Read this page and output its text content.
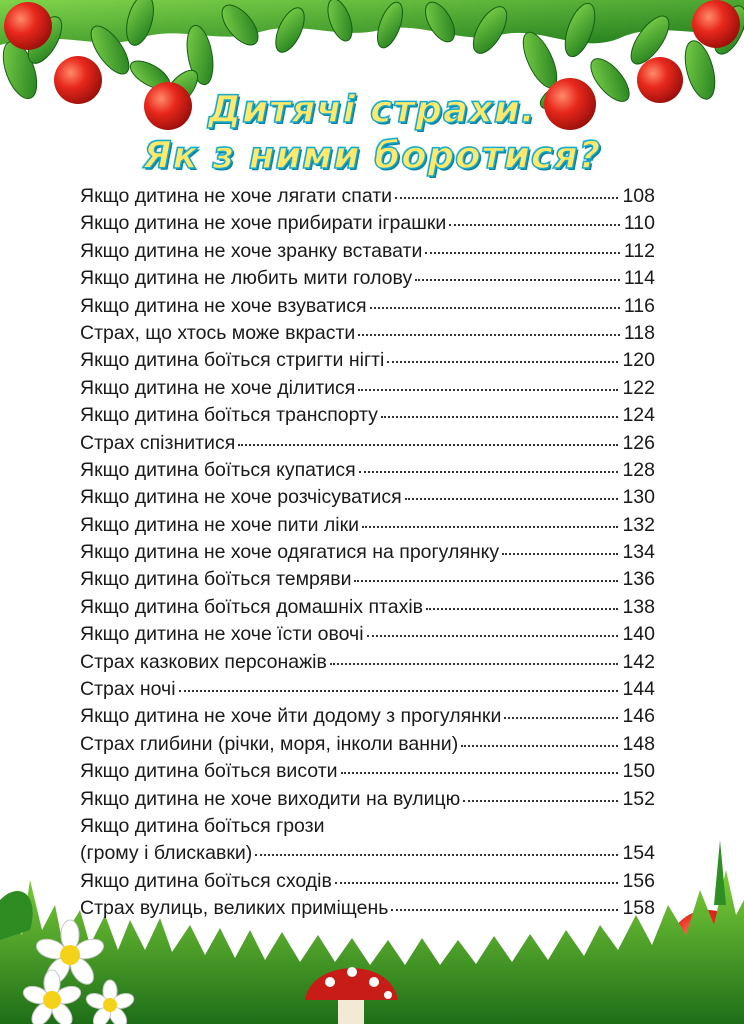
Дитячі страхи.
Як з ними боротися?
Якщо дитина не хоче лягати спати	108
Якщо дитина не хоче прибирати іграшки	110
Якщо дитина не хоче зранку вставати	112
Якщо дитина не любить мити голову	114
Якщо дитина не хоче взуватися	116
Страх, що хтось може вкрасти	118
Якщо дитина боїться стригти нігті	120
Якщо дитина не хоче ділитися	122
Якщо дитина боїться транспорту	124
Страх спізнитися	126
Якщо дитина боїться купатися	128
Якщо дитина не хоче розчісуватися	130
Якщо дитина не хоче пити ліки	132
Якщо дитина не хоче одягатися на прогулянку	134
Якщо дитина боїться темряви	136
Якщо дитина боїться домашніх птахів	138
Якщо дитина не хоче їсти овочі	140
Страх казкових персонажів	142
Страх ночі	144
Якщо дитина не хоче йти додому з прогулянки	146
Страх глибини (річки, моря, інколи ванни)	148
Якщо дитина боїться висоти	150
Якщо дитина не хоче виходити на вулицю	152
Якщо дитина боїться грози
(грому і блискавки)	154
Якщо дитина боїться сходів	156
Страх вулиць, великих приміщень	158
